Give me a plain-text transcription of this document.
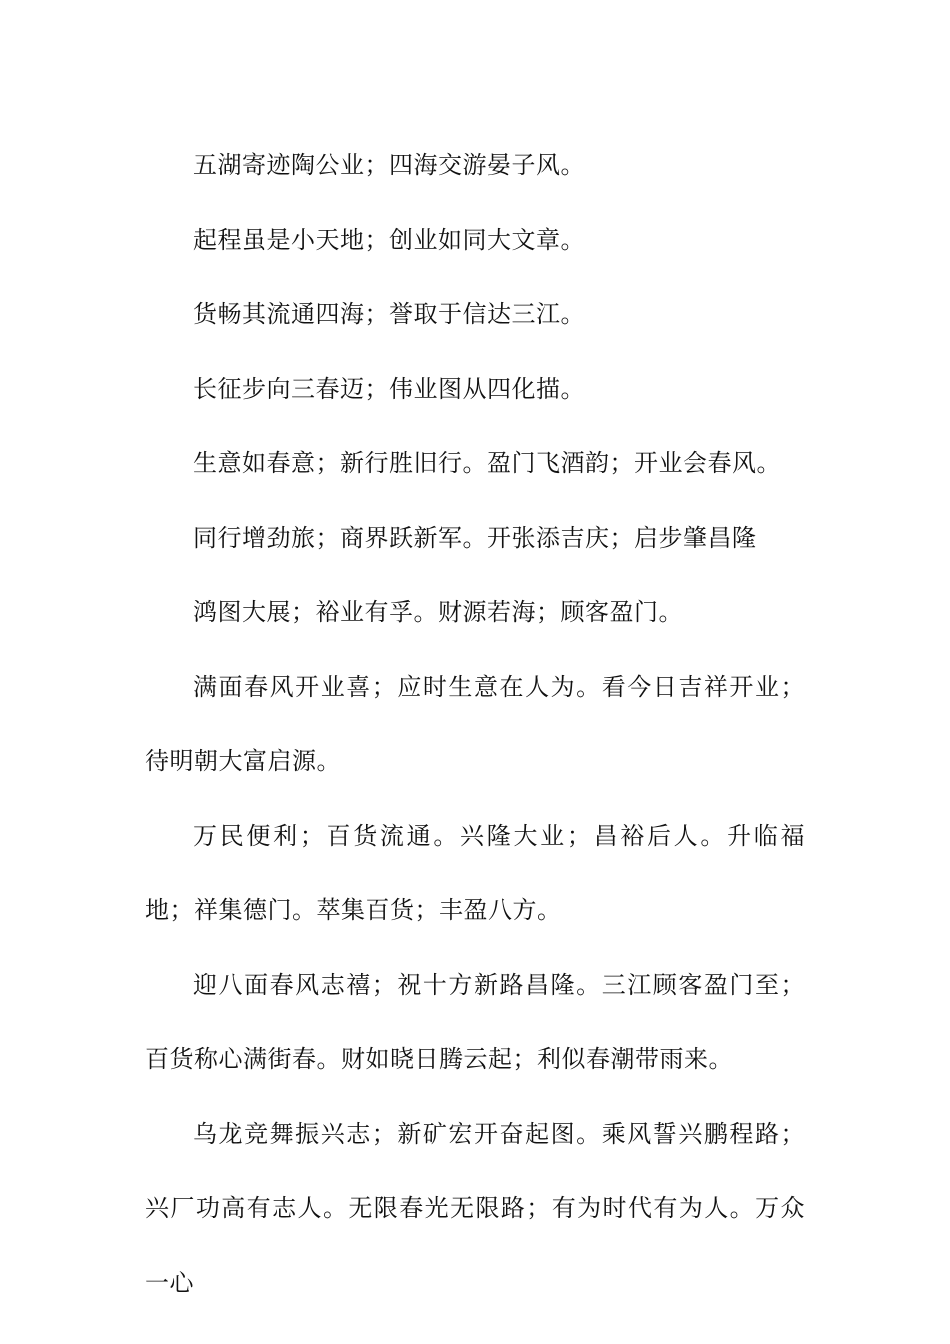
五湖寄迹陶公业；四海交游晏子风。

起程虽是小天地；创业如同大文章。

货畅其流通四海；誉取于信达三江。

长征步向三春迈；伟业图从四化描。

生意如春意；新行胜旧行。盈门飞酒韵；开业会春风。

同行增劲旅；商界跃新军。开张添吉庆；启步肇昌隆

鸿图大展；裕业有孚。财源若海；顾客盈门。

满面春风开业喜；应时生意在人为。看今日吉祥开业；待明朝大富启源。

万民便利；百货流通。兴隆大业；昌裕后人。升临福地；祥集德门。萃集百货；丰盈八方。

迎八面春风志禧；祝十方新路昌隆。三江顾客盈门至；百货称心满街春。财如晓日腾云起；利似春潮带雨来。

乌龙竞舞振兴志；新矿宏开奋起图。乘风誓兴鹏程路；兴厂功高有志人。无限春光无限路；有为时代有为人。万众一心
